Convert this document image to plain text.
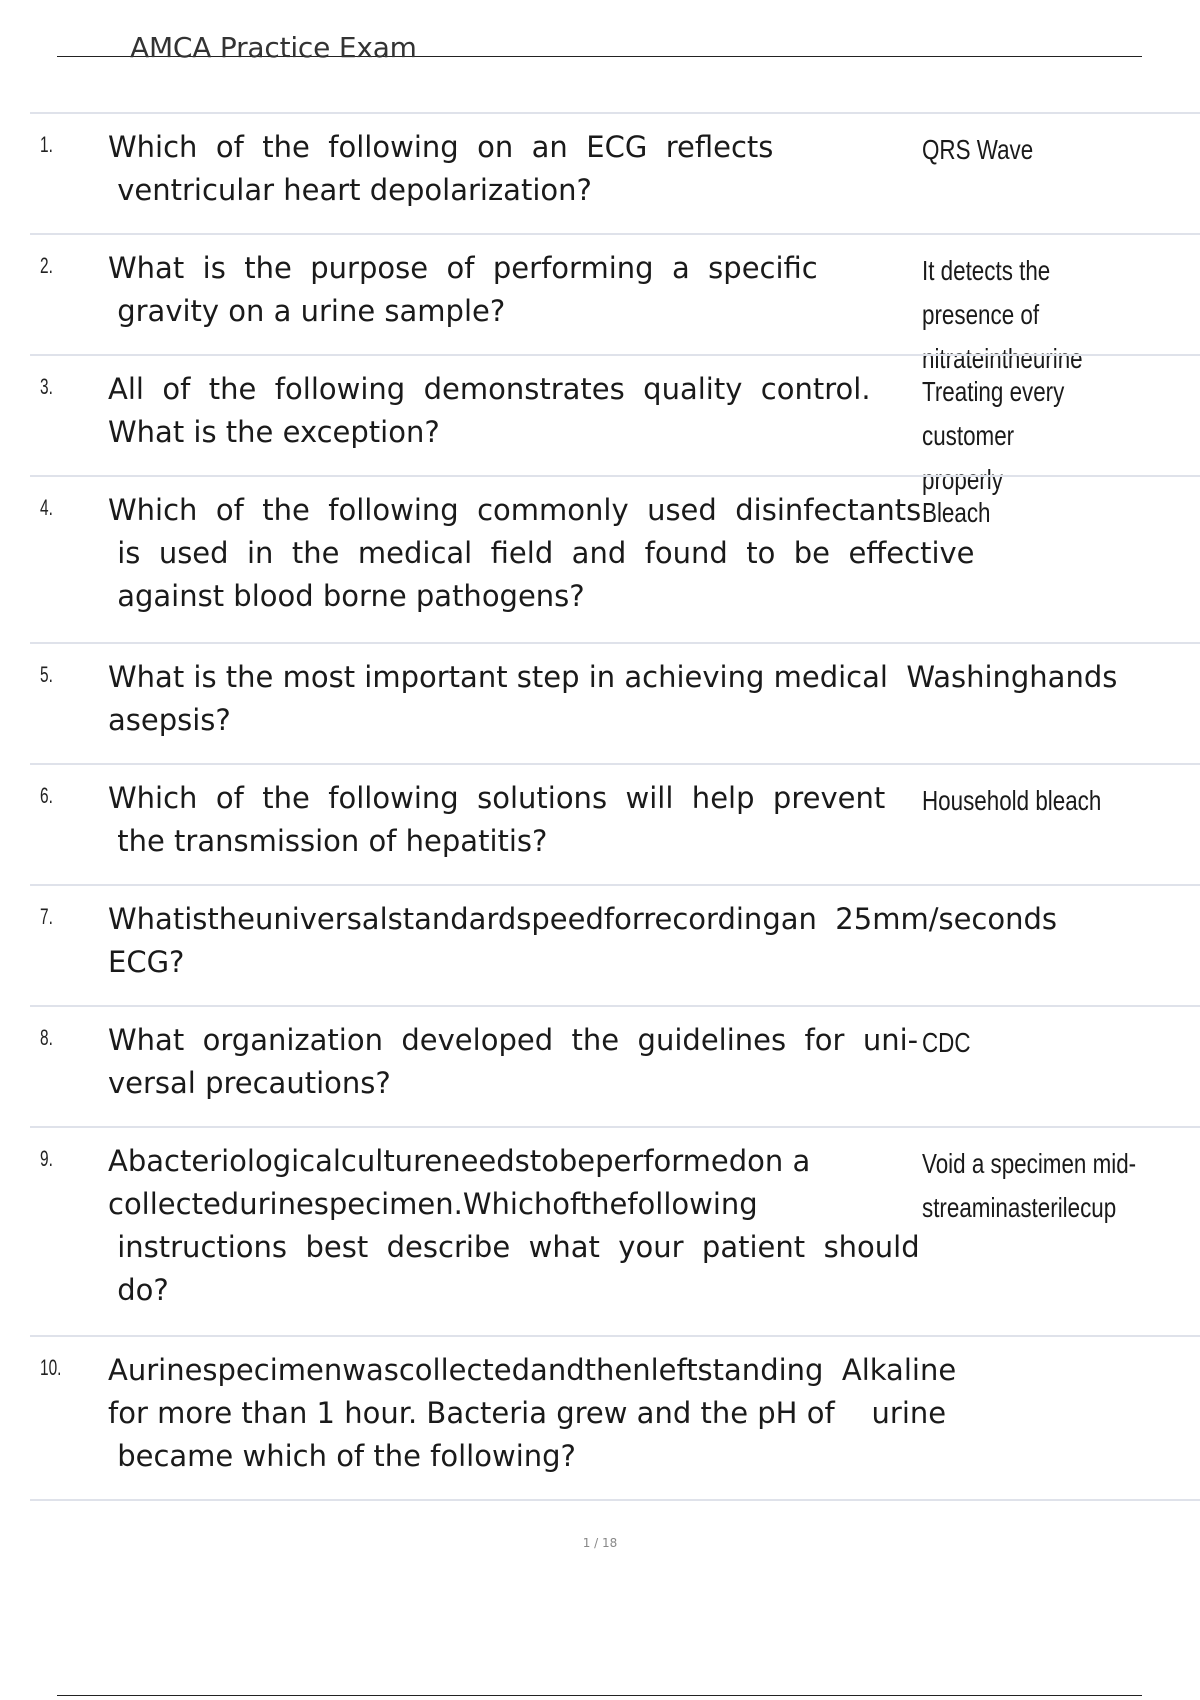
AMCA Practice Exam
1. Which  of  the  following  on  an  ECG  reflects
ventricular heart depolarization?
QRS Wave
2. What  is  the  purpose  of  performing  a  specific
gravity on a urine sample?
It detects the presence of
nitrateintheurine
3. All  of  the  following  demonstrates  quality  control.
What is the exception?
Treating every customer
properly
4. Which  of  the  following  commonly  used  disinfectants
is  used  in  the  medical  field  and  found  to  be  effective
against blood borne pathogens?
Bleach
5. What is the most important step in achieving medical  Washinghands
asepsis?
6. Which  of  the  following  solutions  will  help  prevent
the transmission of hepatitis?
Household bleach
7. Whatistheuniversalstandardspeedforrecordingan  25mm/seconds
ECG?
8. What  organization  developed  the  guidelines  for  uni-
versal precautions?
CDC
9. Abacteriologicalcultureneedstobeperformedon a
collectedurinespecimen.Whichofthefollowing
instructions  best  describe  what  your  patient  should
do?
Void a specimen mid-
streaminasterilecup
10. Aurinespecimenwascollectedandthenleftstanding  Alkaline
for more than 1 hour. Bacteria grew and the pH of    urine
became which of the following?
1 / 18
